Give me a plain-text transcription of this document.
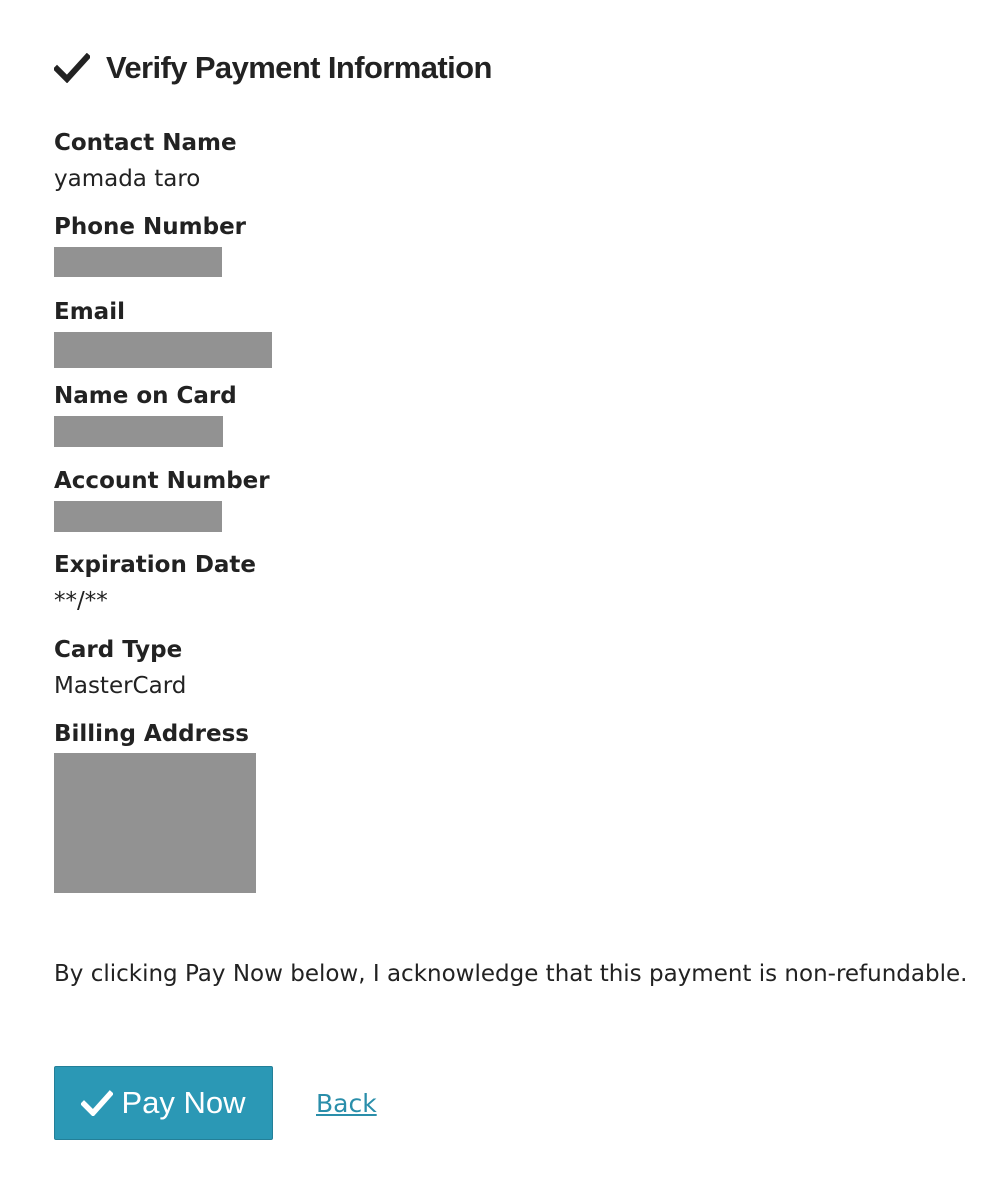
Verify Payment Information
Contact Name
yamada taro
Phone Number
Email
Name on Card
Account Number
Expiration Date
**/**
Card Type
MasterCard
Billing Address
By clicking Pay Now below, I acknowledge that this payment is non-refundable.
Pay Now	Back
